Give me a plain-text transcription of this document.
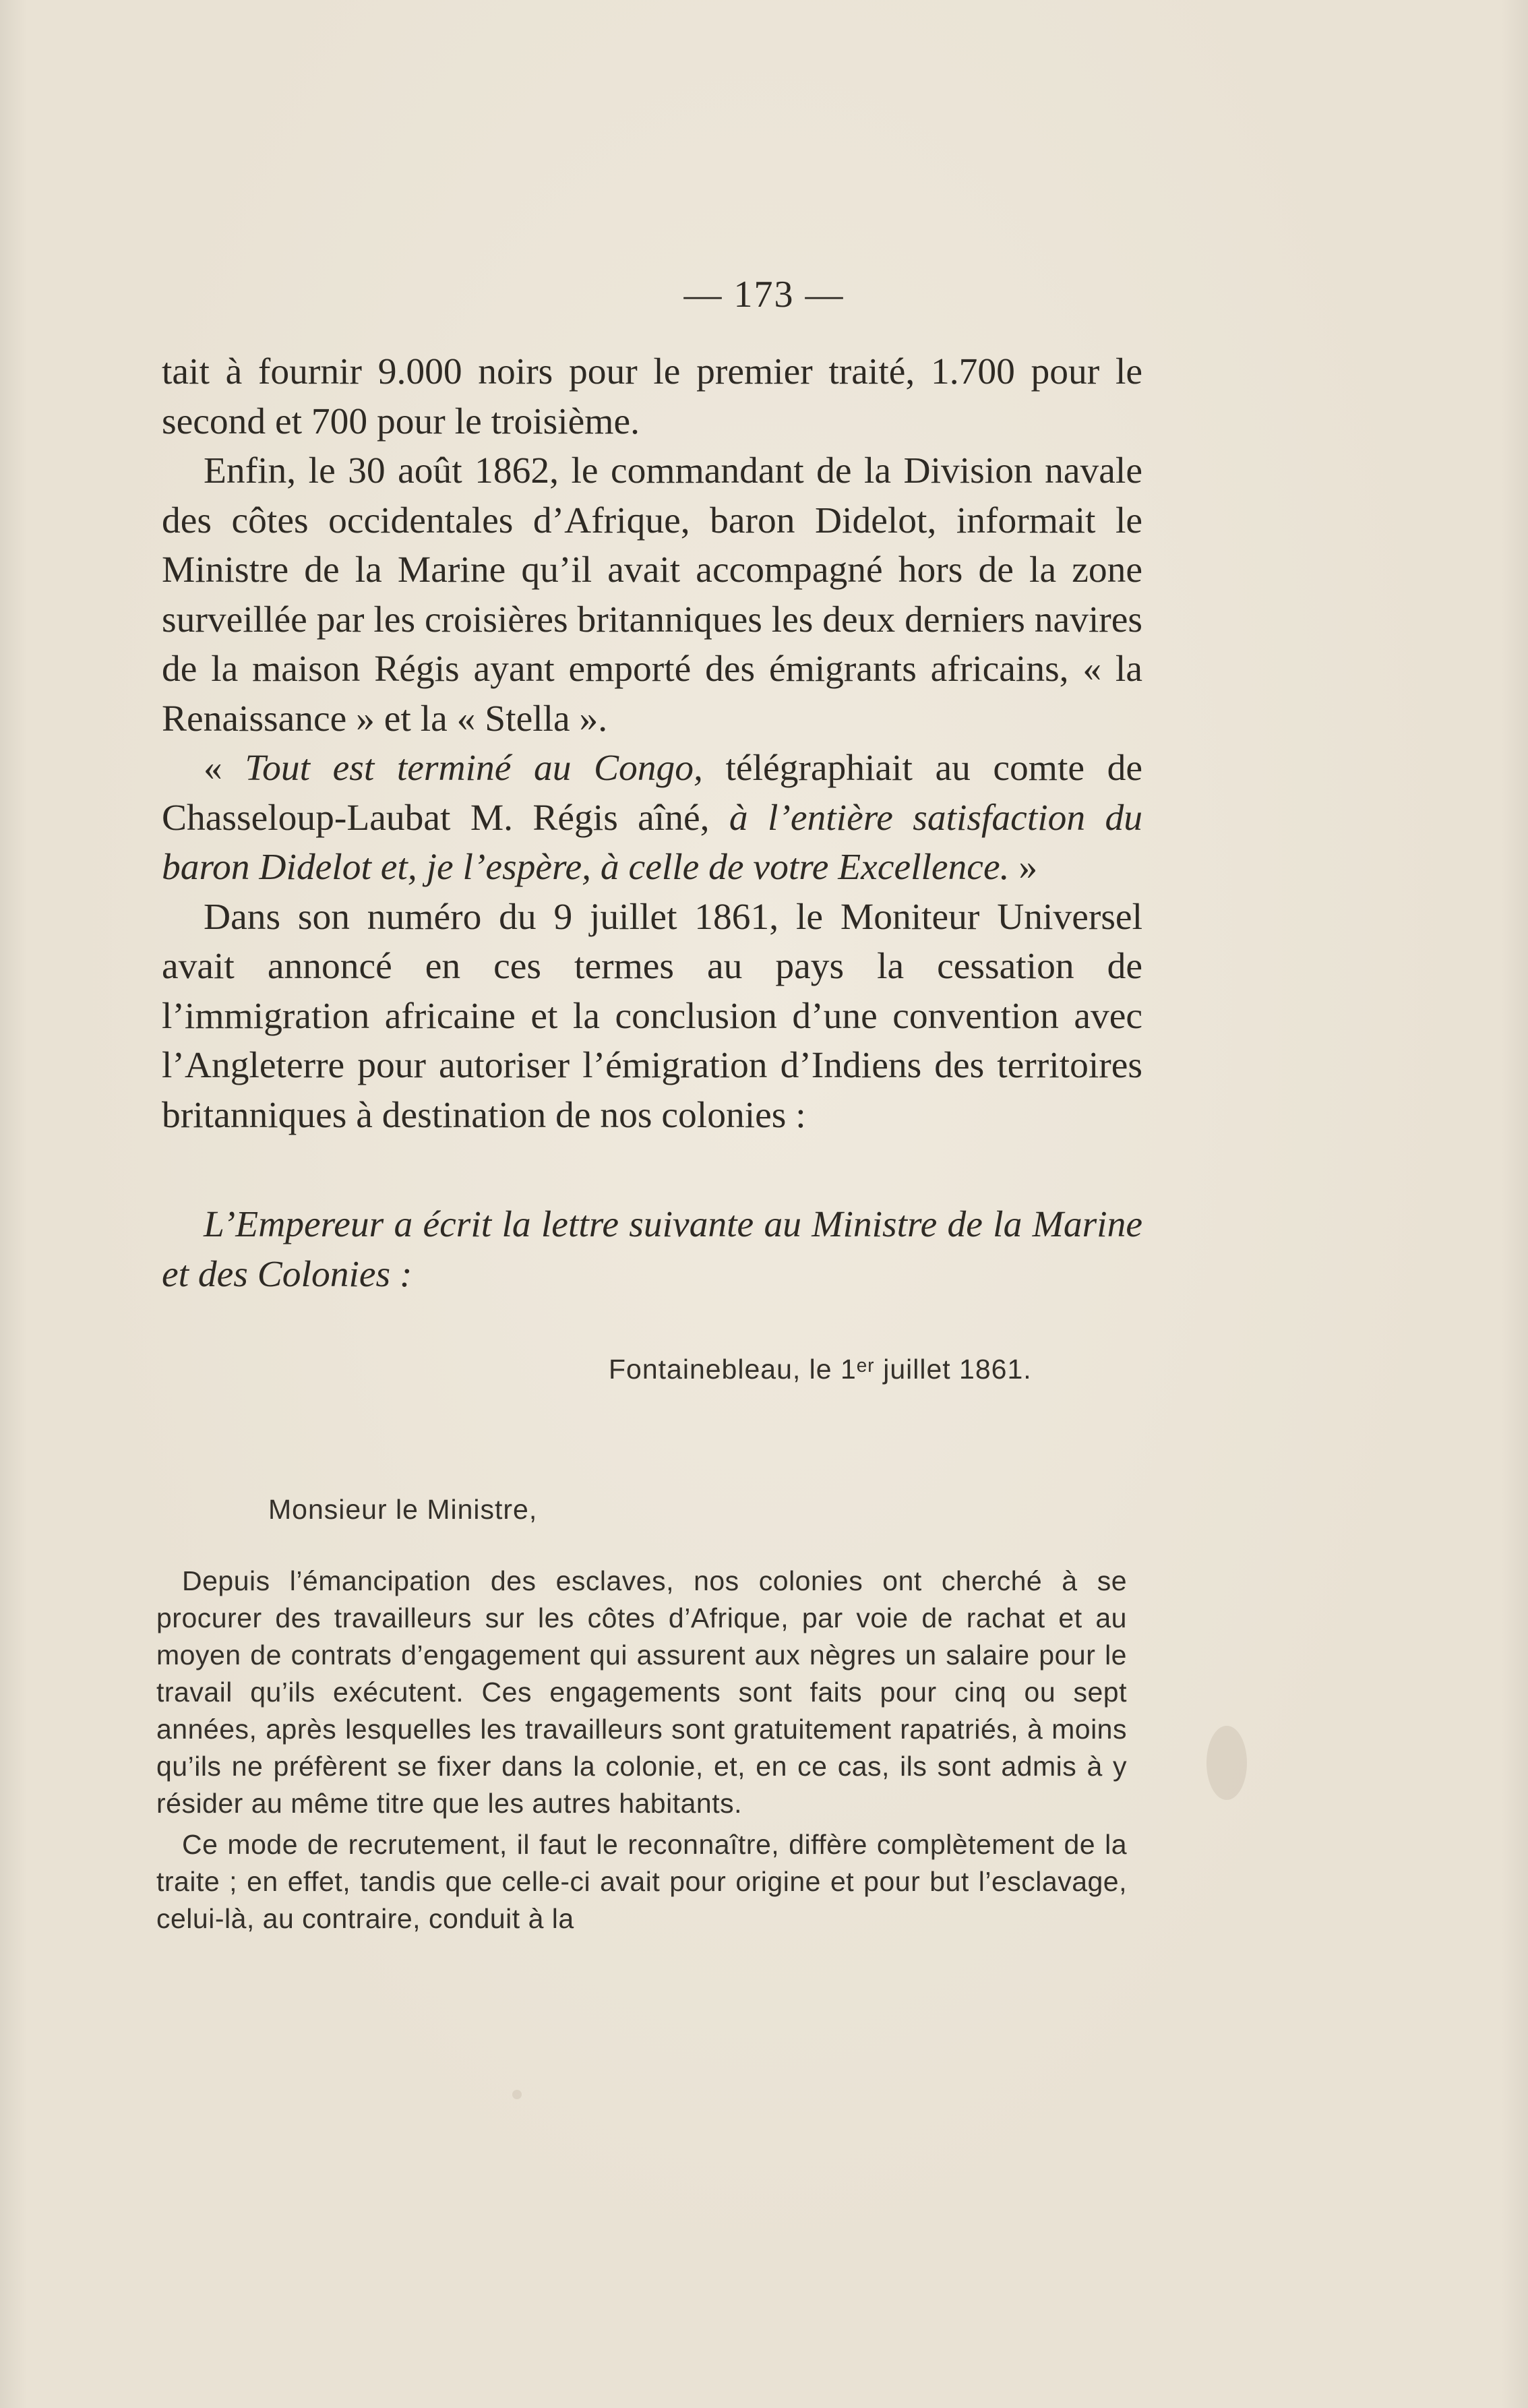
— 173 —

tait à fournir 9.000 noirs pour le premier traité, 1.700 pour le second et 700 pour le troisième.

Enfin, le 30 août 1862, le commandant de la Division navale des côtes occidentales d’Afrique, baron Didelot, informait le Ministre de la Marine qu’il avait accompagné hors de la zone surveillée par les croisières britanniques les deux derniers navires de la maison Régis ayant emporté des émigrants africains, « la Renaissance » et la « Stella ».

« Tout est terminé au Congo, télégraphiait au comte de Chasseloup-Laubat M. Régis aîné, à l’entière satisfaction du baron Didelot et, je l’espère, à celle de votre Excellence. »

Dans son numéro du 9 juillet 1861, le Moniteur Universel avait annoncé en ces termes au pays la cessation de l’immigration africaine et la conclusion d’une convention avec l’Angleterre pour autoriser l’émigration d’Indiens des territoires britanniques à destination de nos colonies :

L’Empereur a écrit la lettre suivante au Ministre de la Marine et des Colonies :
Fontainebleau, le 1ᵉʳ juillet 1861.
Monsieur le Ministre,

Depuis l’émancipation des esclaves, nos colonies ont cherché à se procurer des travailleurs sur les côtes d’Afrique, par voie de rachat et au moyen de contrats d’engagement qui assurent aux nègres un salaire pour le travail qu’ils exécutent. Ces engagements sont faits pour cinq ou sept années, après lesquelles les travailleurs sont gratuitement rapatriés, à moins qu’ils ne préfèrent se fixer dans la colonie, et, en ce cas, ils sont admis à y résider au même titre que les autres habitants.

Ce mode de recrutement, il faut le reconnaître, diffère complètement de la traite ; en effet, tandis que celle-ci avait pour origine et pour but l’esclavage, celui-là, au contraire, conduit à la
